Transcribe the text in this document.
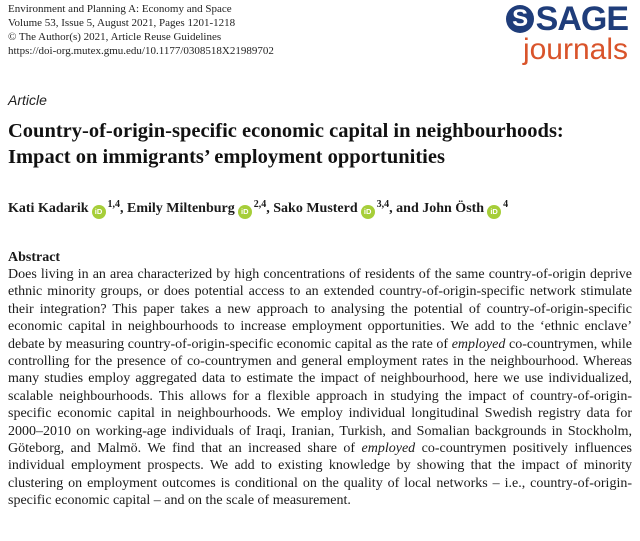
Environment and Planning A: Economy and Space
Volume 53, Issue 5, August 2021, Pages 1201-1218
© The Author(s) 2021, Article Reuse Guidelines
https://doi-org.mutex.gmu.edu/10.1177/0308518X21989702
S SAGE
journals
Article
Country-of-origin-specific economic capital in neighbourhoods:
Impact on immigrants’ employment opportunities
Kati Kadarik iD$^{1,4}$, Emily Miltenburg iD$^{2,4}$, Sako Musterd iD$^{3,4}$, and John Östh $iD^4$
Abstract

Does living in an area characterized by high concentrations of residents of the same country-of-origin deprive ethnic minority groups, or does potential access to an extended country-of-origin-specific network stimulate their integration? This paper takes a new approach to analysing the potential of country-of-origin-specific economic capital in neighbourhoods to increase employment opportunities. We add to the ‘ethnic enclave’ debate by measuring country-of-origin-specific economic capital as the rate of employed co-countrymen, while controlling for the presence of co-countrymen and general employment rates in the neighbourhood. Whereas many studies employ aggregated data to estimate the impact of neighbourhood, here we use individualized, scalable neighbourhoods. This allows for a flexible approach in studying the impact of country-of-origin-specific economic capital in neighbourhoods. We employ individual longitudinal Swedish registry data for 2000–2010 on working-age individuals of Iraqi, Iranian, Turkish, and Somalian backgrounds in Stockholm, Göteborg, and Malmö. We find that an increased share of employed co-countrymen positively influences individual employment prospects. We add to existing knowledge by showing that the impact of minority clustering on employment outcomes is conditional on the quality of local networks – i.e., country-of-origin-specific economic capital – and on the scale of measurement.
